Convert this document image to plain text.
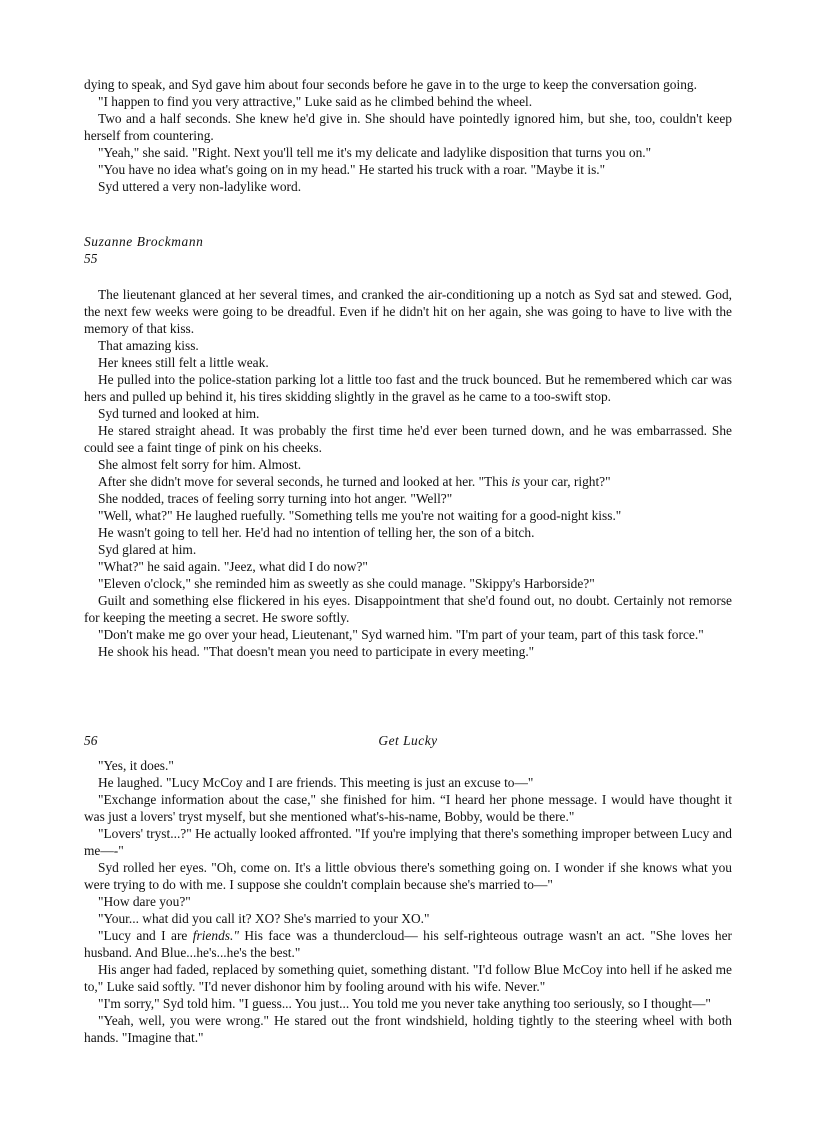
dying to speak, and Syd gave him about four seconds before he gave in to the urge to keep the conversation going.

"I happen to find you very attractive," Luke said as he climbed behind the wheel.

Two and a half seconds. She knew he'd give in. She should have pointedly ignored him, but she, too, couldn't keep herself from countering.

"Yeah," she said. "Right. Next you'll tell me it's my delicate and ladylike disposition that turns you on."

"You have no idea what's going on in my head." He started his truck with a roar. "Maybe it is."

Syd uttered a very non-ladylike word.

Suzanne Brockmann
55

The lieutenant glanced at her several times, and cranked the air-conditioning up a notch as Syd sat and stewed. God, the next few weeks were going to be dreadful. Even if he didn't hit on her again, she was going to have to live with the memory of that kiss.

That amazing kiss.

Her knees still felt a little weak.

He pulled into the police-station parking lot a little too fast and the truck bounced. But he remembered which car was hers and pulled up behind it, his tires skidding slightly in the gravel as he came to a too-swift stop.

Syd turned and looked at him.

He stared straight ahead. It was probably the first time he'd ever been turned down, and he was embarrassed. She could see a faint tinge of pink on his cheeks.

She almost felt sorry for him. Almost.

After she didn't move for several seconds, he turned and looked at her. "This is your car, right?"

She nodded, traces of feeling sorry turning into hot anger. "Well?"

"Well, what?" He laughed ruefully. "Something tells me you're not waiting for a good-night kiss."

He wasn't going to tell her. He'd had no intention of telling her, the son of a bitch.

Syd glared at him.

"What?" he said again. "Jeez, what did I do now?"

"Eleven o'clock," she reminded him as sweetly as she could manage. "Skippy's Harborside?"

Guilt and something else flickered in his eyes. Disappointment that she'd found out, no doubt. Certainly not remorse for keeping the meeting a secret. He swore softly.

"Don't make me go over your head, Lieutenant," Syd warned him. "I'm part of your team, part of this task force."

He shook his head. "That doesn't mean you need to participate in every meeting."

56	Get Lucky

"Yes, it does."

He laughed. "Lucy McCoy and I are friends. This meeting is just an excuse to—"

"Exchange information about the case," she finished for him. “I heard her phone message. I would have thought it was just a lovers' tryst myself, but she mentioned what's-his-name, Bobby, would be there."

"Lovers' tryst...?" He actually looked affronted. "If you're implying that there's something improper between Lucy and me—-"

Syd rolled her eyes. "Oh, come on. It's a little obvious there's something going on. I wonder if she knows what you were trying to do with me. I suppose she couldn't complain because she's married to—"

"How dare you?"

"Your... what did you call it? XO? She's married to your XO."

"Lucy and I are friends." His face was a thundercloud— his self-righteous outrage wasn't an act. "She loves her husband. And Blue...he's...he's the best."

His anger had faded, replaced by something quiet, something distant. "I'd follow Blue McCoy into hell if he asked me to," Luke said softly. "I'd never dishonor him by fooling around with his wife. Never."

"I'm sorry," Syd told him. "I guess... You just... You told me you never take anything too seriously, so I thought—"

"Yeah, well, you were wrong." He stared out the front windshield, holding tightly to the steering wheel with both hands. "Imagine that."
